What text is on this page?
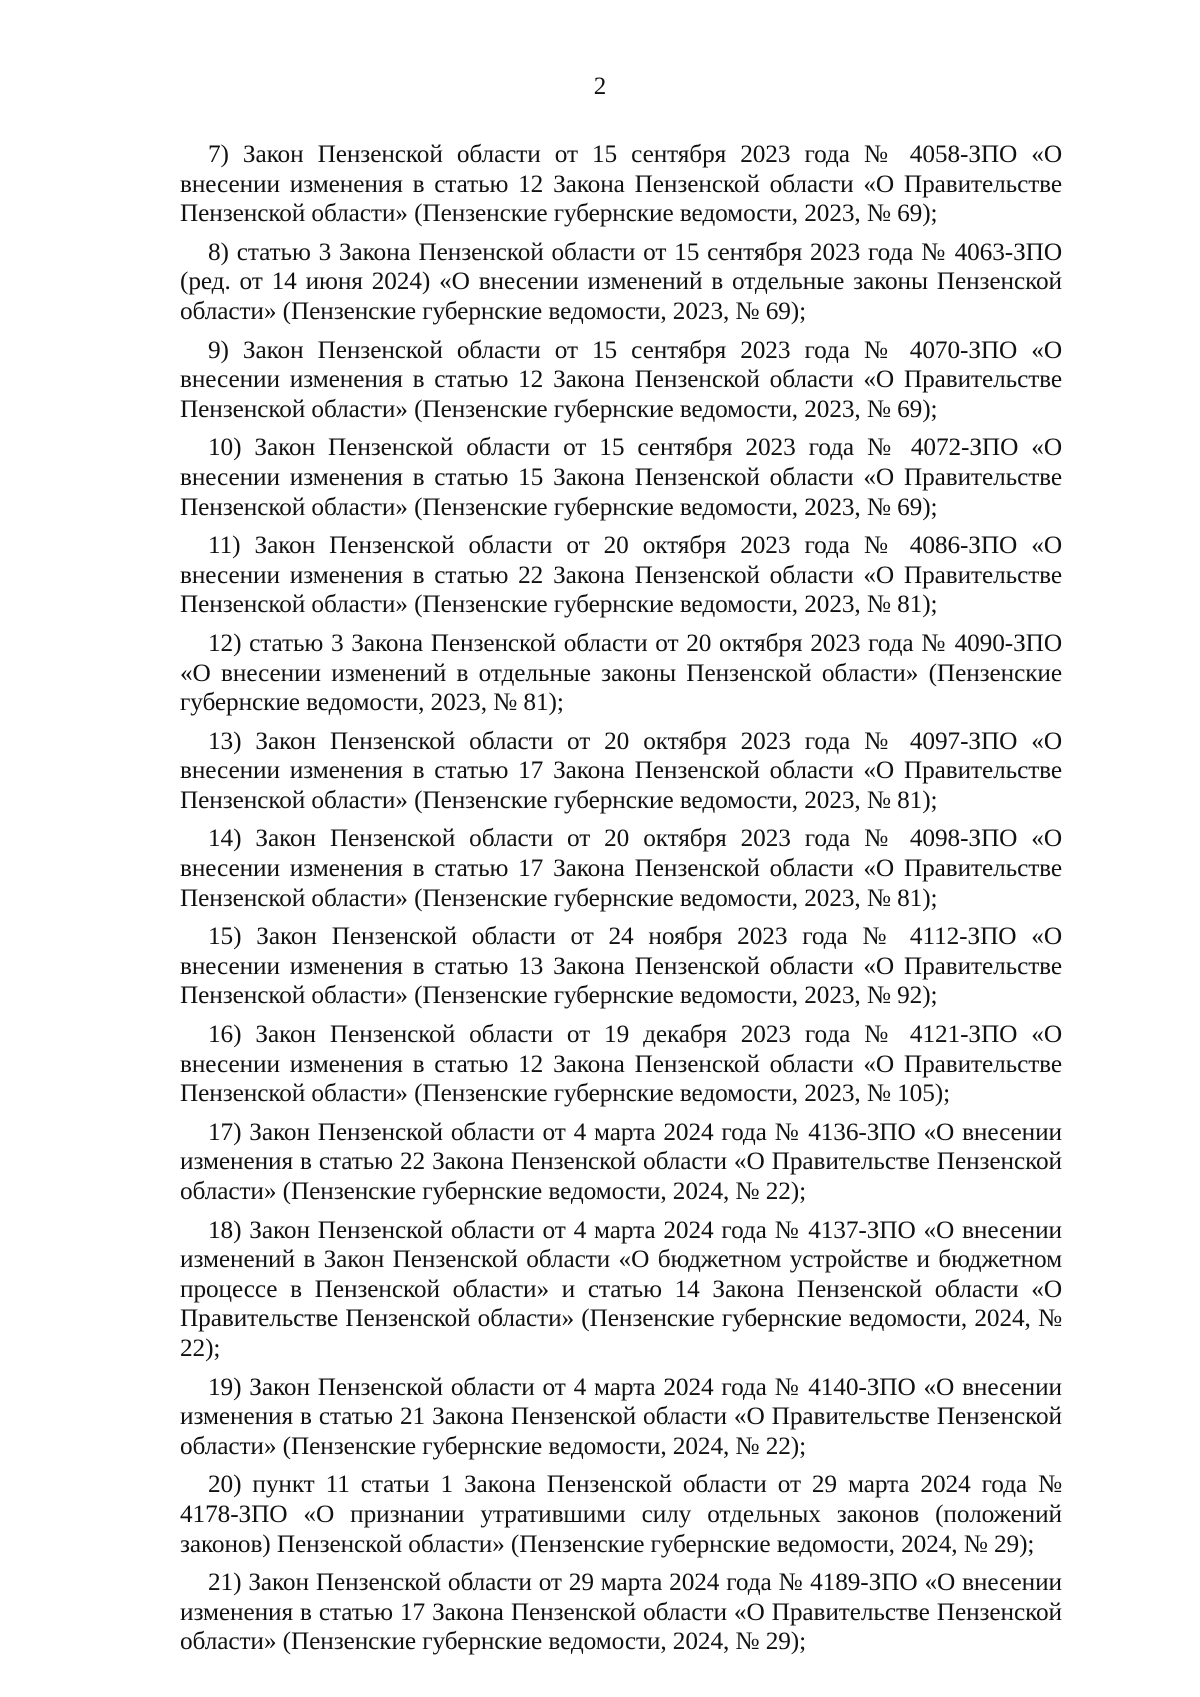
2

7) Закон Пензенской области от 15 сентября 2023 года № 4058-ЗПО «О внесении изменения в статью 12 Закона Пензенской области «О Правительстве Пензенской области» (Пензенские губернские ведомости, 2023, № 69);

8) статью 3 Закона Пензенской области от 15 сентября 2023 года № 4063-ЗПО (ред. от 14 июня 2024) «О внесении изменений в отдельные законы Пензенской области» (Пензенские губернские ведомости, 2023, № 69);

9) Закон Пензенской области от 15 сентября 2023 года № 4070-ЗПО «О внесении изменения в статью 12 Закона Пензенской области «О Правительстве Пензенской области» (Пензенские губернские ведомости, 2023, № 69);

10) Закон Пензенской области от 15 сентября 2023 года № 4072-ЗПО «О внесении изменения в статью 15 Закона Пензенской области «О Правительстве Пензенской области» (Пензенские губернские ведомости, 2023, № 69);

11) Закон Пензенской области от 20 октября 2023 года № 4086-ЗПО «О внесении изменения в статью 22 Закона Пензенской области «О Правительстве Пензенской области» (Пензенские губернские ведомости, 2023, № 81);

12) статью 3 Закона Пензенской области от 20 октября 2023 года № 4090-ЗПО «О внесении изменений в отдельные законы Пензенской области» (Пензенские губернские ведомости, 2023, № 81);

13) Закон Пензенской области от 20 октября 2023 года № 4097-ЗПО «О внесении изменения в статью 17 Закона Пензенской области «О Правительстве Пензенской области» (Пензенские губернские ведомости, 2023, № 81);

14) Закон Пензенской области от 20 октября 2023 года № 4098-ЗПО «О внесении изменения в статью 17 Закона Пензенской области «О Правительстве Пензенской области» (Пензенские губернские ведомости, 2023, № 81);

15) Закон Пензенской области от 24 ноября 2023 года № 4112-ЗПО «О внесении изменения в статью 13 Закона Пензенской области «О Правительстве Пензенской области» (Пензенские губернские ведомости, 2023, № 92);

16) Закон Пензенской области от 19 декабря 2023 года № 4121-ЗПО «О внесении изменения в статью 12 Закона Пензенской области «О Правительстве Пензенской области» (Пензенские губернские ведомости, 2023, № 105);

17) Закон Пензенской области от 4 марта 2024 года № 4136-ЗПО «О внесении изменения в статью 22 Закона Пензенской области «О Правительстве Пензенской области» (Пензенские губернские ведомости, 2024, № 22);

18) Закон Пензенской области от 4 марта 2024 года № 4137-ЗПО «О внесении изменений в Закон Пензенской области «О бюджетном устройстве и бюджетном процессе в Пензенской области» и статью 14 Закона Пензенской области «О Правительстве Пензенской области» (Пензенские губернские ведомости, 2024, № 22);

19) Закон Пензенской области от 4 марта 2024 года № 4140-ЗПО «О внесении изменения в статью 21 Закона Пензенской области «О Правительстве Пензенской области» (Пензенские губернские ведомости, 2024, № 22);

20) пункт 11 статьи 1 Закона Пензенской области от 29 марта 2024 года № 4178-ЗПО «О признании утратившими силу отдельных законов (положений законов) Пензенской области» (Пензенские губернские ведомости, 2024, № 29);

21) Закон Пензенской области от 29 марта 2024 года № 4189-ЗПО «О внесении изменения в статью 17 Закона Пензенской области «О Правительстве Пензенской области» (Пензенские губернские ведомости, 2024, № 29);
